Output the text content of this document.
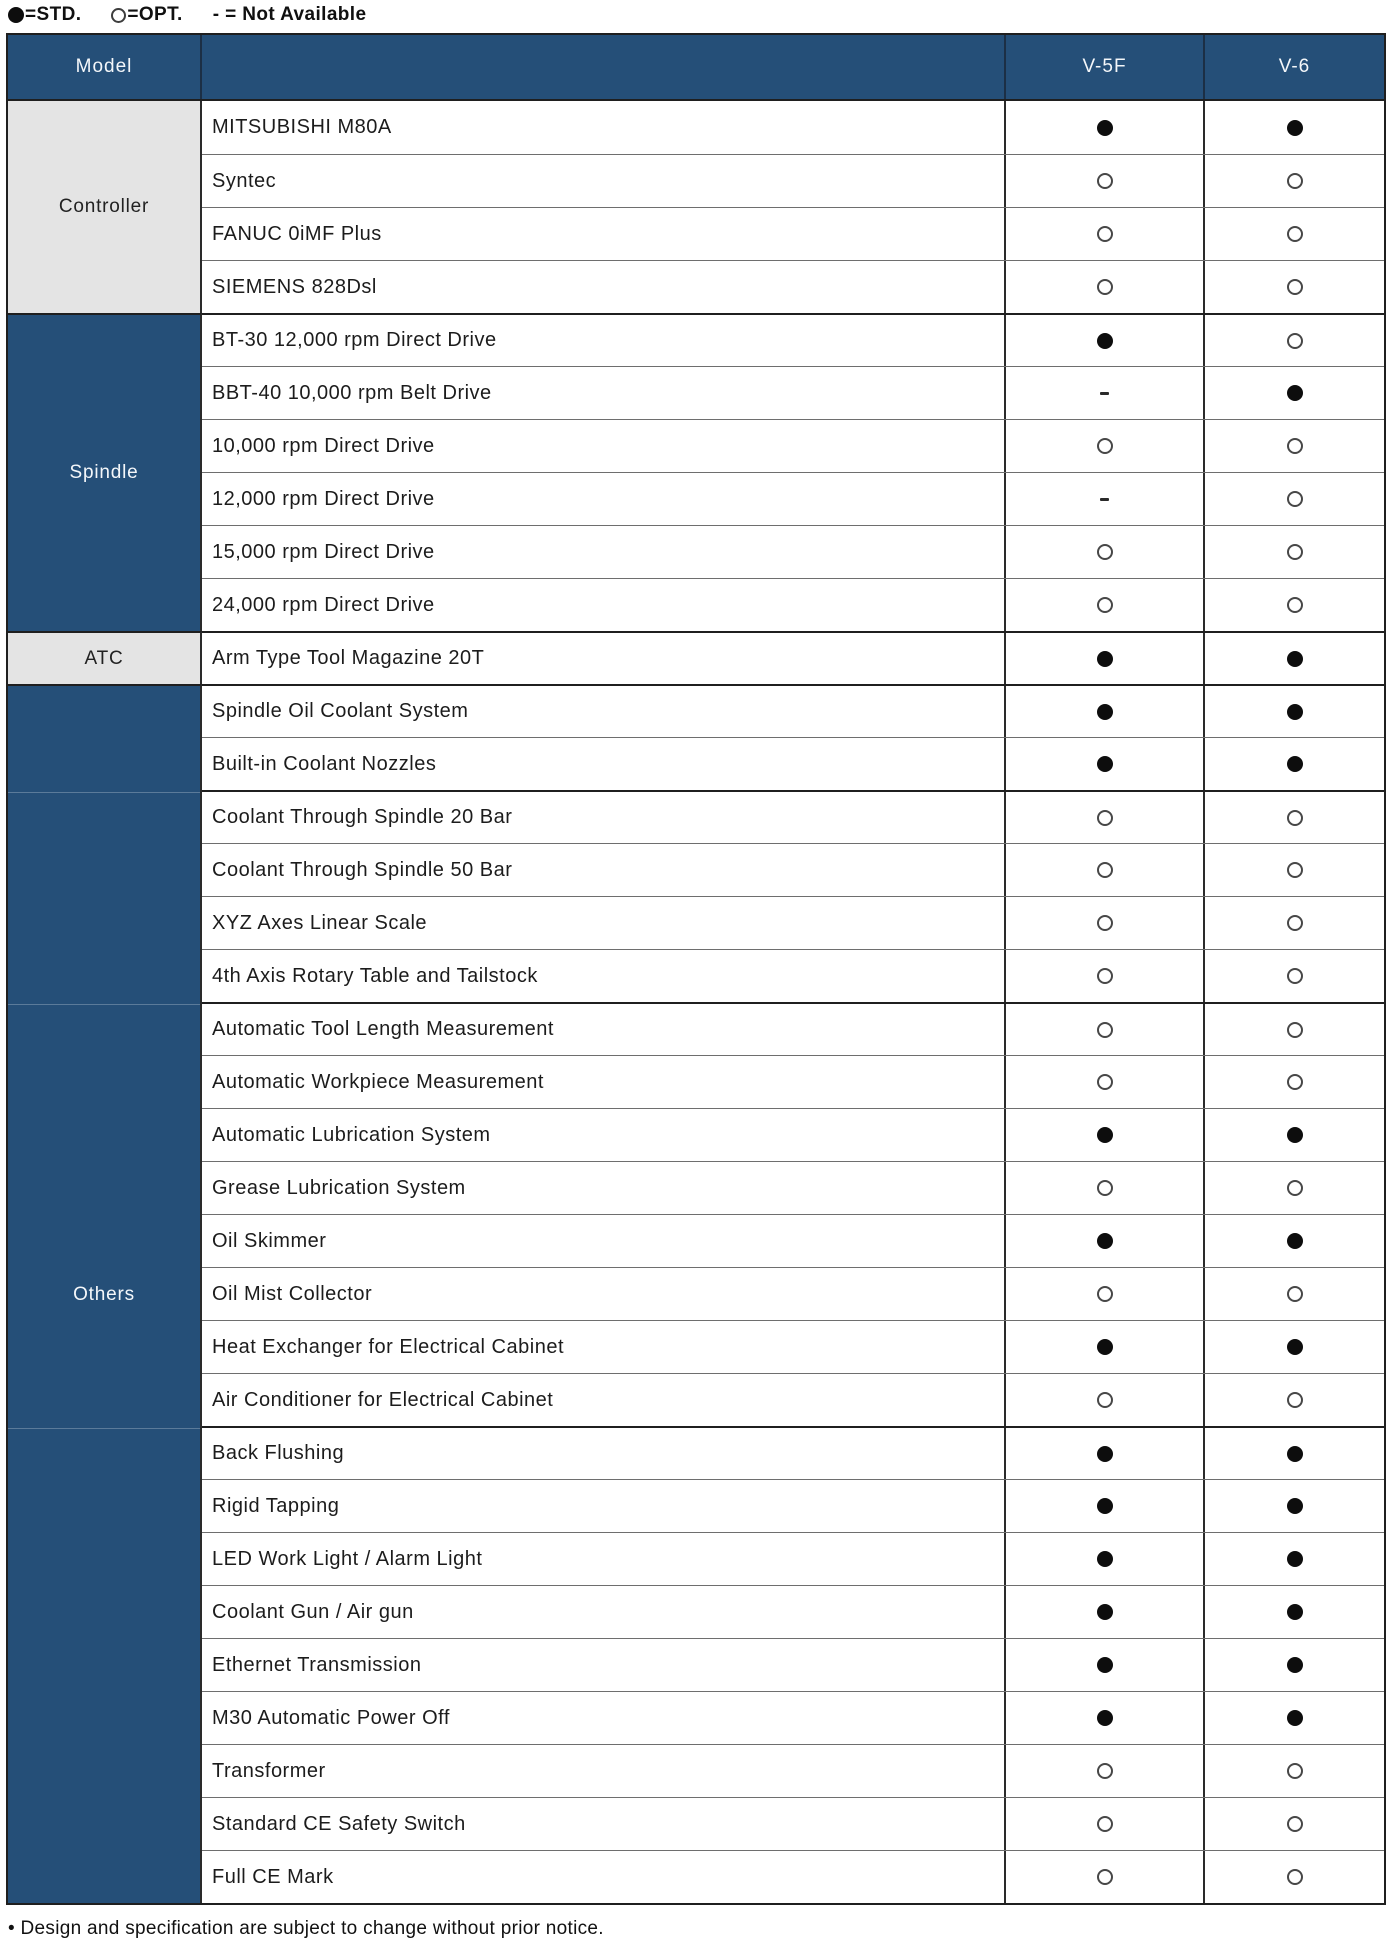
=STD. =OPT. - = Not Available
Model	V-5F	V-6
Controller
Spindle
ATC
Others
MITSUBISHI M80A
Syntec
FANUC 0iMF Plus
SIEMENS 828Dsl
BT-30 12,000 rpm Direct Drive
BBT-40 10,000 rpm Belt Drive
10,000 rpm Direct Drive
12,000 rpm Direct Drive
15,000 rpm Direct Drive
24,000 rpm Direct Drive
Arm Type Tool Magazine 20T
Spindle Oil Coolant System
Built-in Coolant Nozzles
Coolant Through Spindle 20 Bar
Coolant Through Spindle 50 Bar
XYZ Axes Linear Scale
4th Axis Rotary Table and Tailstock
Automatic Tool Length Measurement
Automatic Workpiece Measurement
Automatic Lubrication System
Grease Lubrication System
Oil Skimmer
Oil Mist Collector
Heat Exchanger for Electrical Cabinet
Air Conditioner for Electrical Cabinet
Back Flushing
Rigid Tapping
LED Work Light / Alarm Light
Coolant Gun / Air gun
Ethernet Transmission
M30 Automatic Power Off
Transformer
Standard CE Safety Switch
Full CE Mark
• Design and specification are subject to change without prior notice.
